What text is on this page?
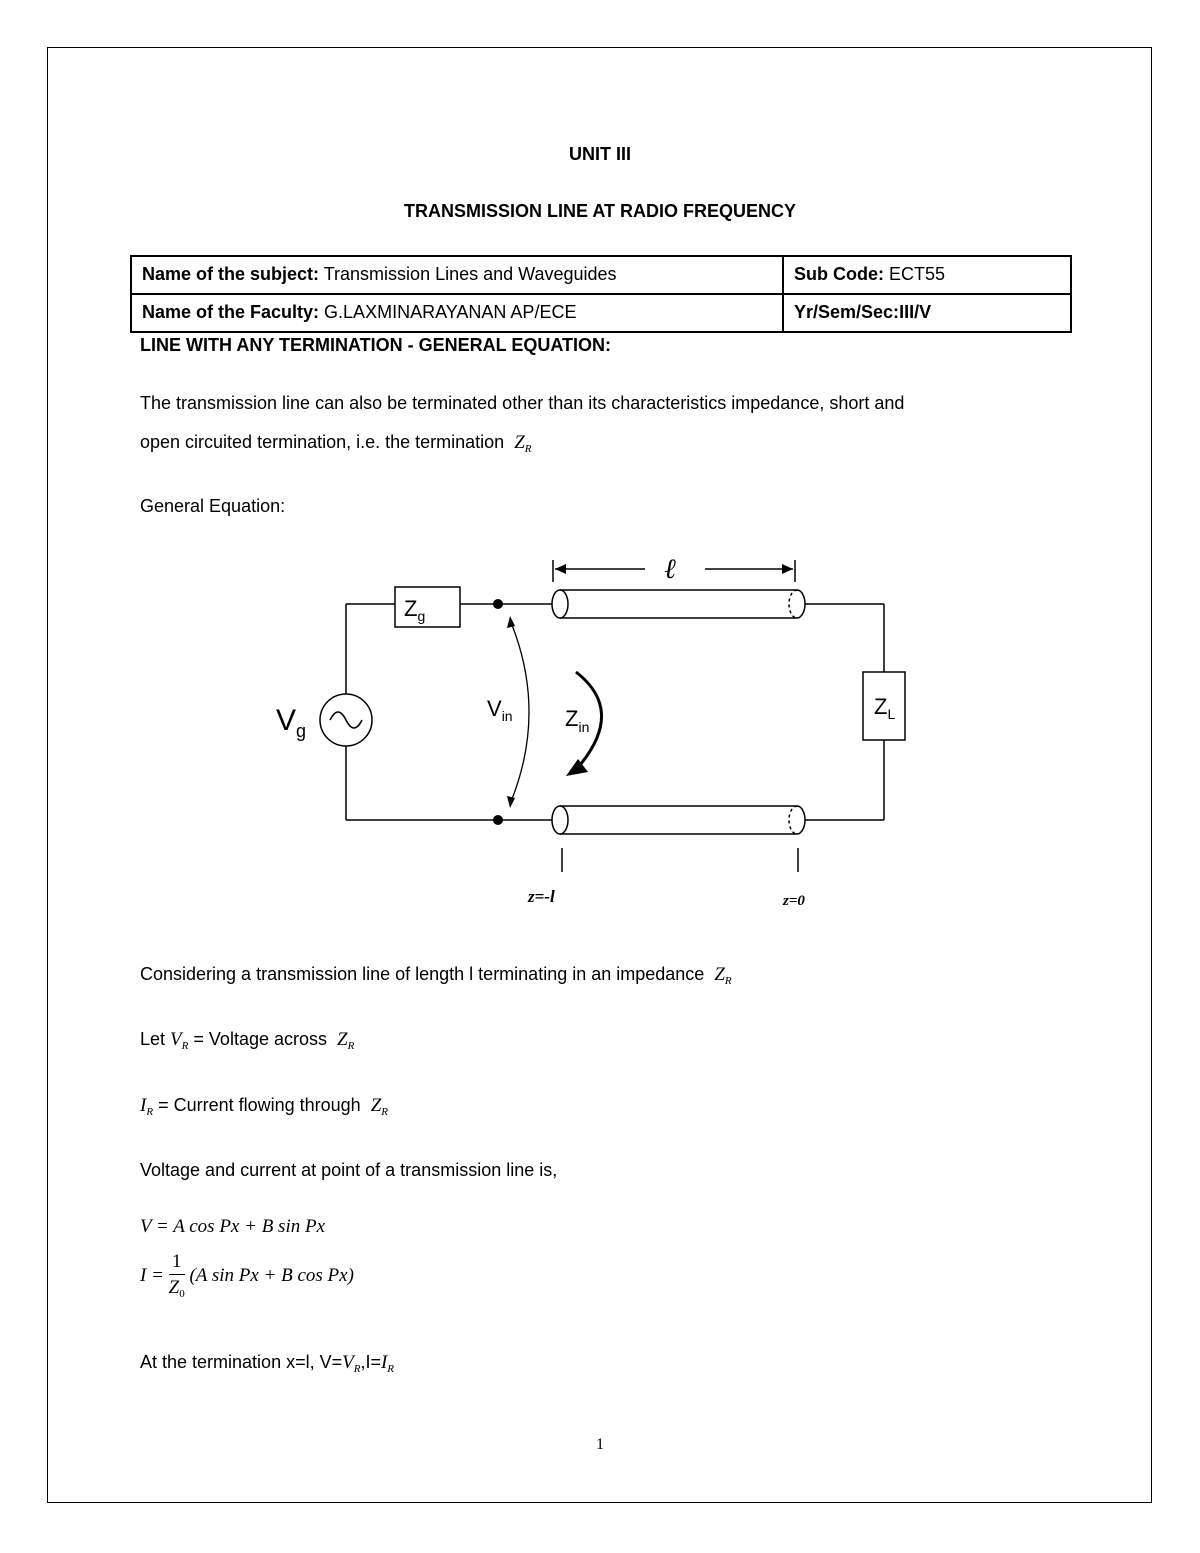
UNIT III
TRANSMISSION LINE AT RADIO FREQUENCY
Name of the subject: Transmission Lines and Waveguides	Sub Code: ECT55
Name of the Faculty: G.LAXMINARAYANAN AP/ECE	Yr/Sem/Sec:III/V
LINE WITH ANY TERMINATION - GENERAL EQUATION:
The transmission line can also be terminated other than its characteristics impedance, short and
open circuited termination, i.e. the termination $Z_R$
General Equation:
ℓ
$Z_g$
$Z_L$
$V_g$
$V_{in}$ $Z_{in}$
z=-l	z=0
Considering a transmission line of length l terminating in an impedance $Z_R$
Let $V_R$ = Voltage across $Z_R$
$I_R$ = Current flowing through $Z_R$
Voltage and current at point of a transmission line is,
V = A cos Px + B sin Px
$I = \frac{1}{Z_0} (A$ sin Px + B cos Px)
At the termination x=l, $V=V_R,I=I_R$
1
